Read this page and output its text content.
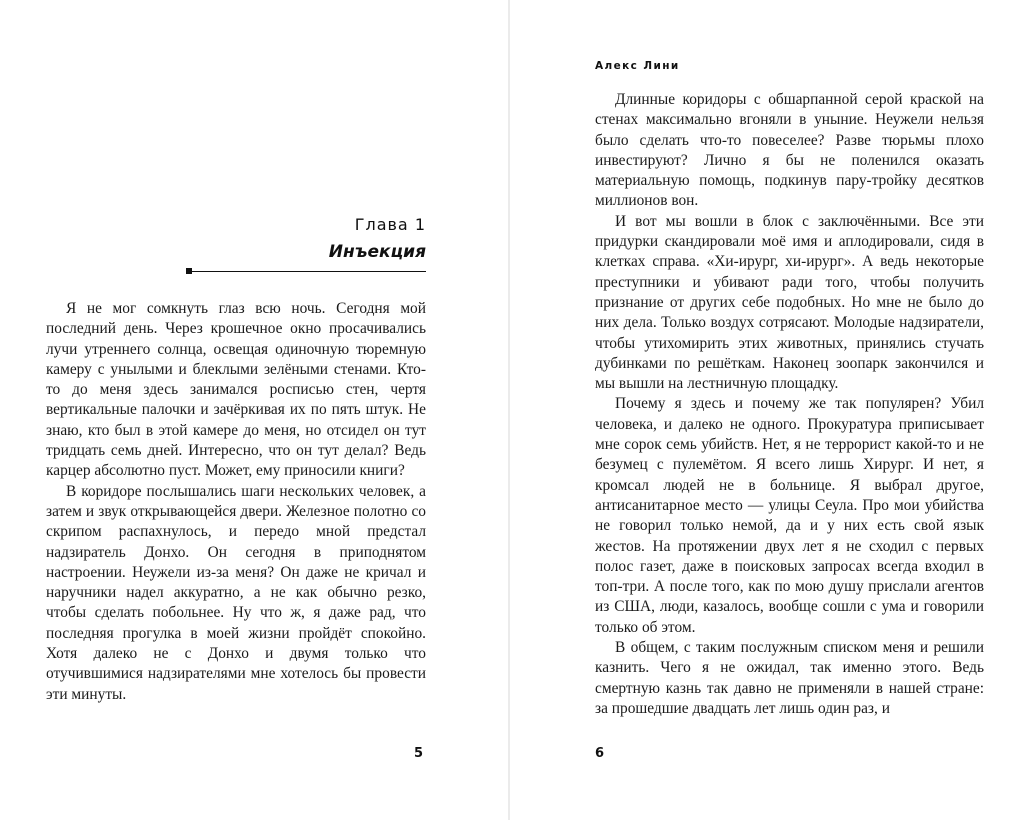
Глава 1
Инъекция

Я не мог сомкнуть глаз всю ночь. Сегодня мой последний день. Через крошечное окно просачивались лучи утреннего солнца, освещая одиночную тюремную камеру с унылыми и блеклыми зелёными стенами. Кто-то до меня здесь занимался росписью стен, чертя вертикальные палочки и зачёркивая их по пять штук. Не знаю, кто был в этой камере до меня, но отсидел он тут тридцать семь дней. Интересно, что он тут делал? Ведь карцер абсолютно пуст. Может, ему приносили книги?

В коридоре послышались шаги нескольких человек, а затем и звук открывающейся двери. Железное полотно со скрипом распахнулось, и передо мной предстал надзиратель Донхо. Он сегодня в приподнятом настроении. Неужели из-за меня? Он даже не кричал и наручники надел аккуратно, а не как обычно резко, чтобы сделать побольнее. Ну что ж, я даже рад, что последняя прогулка в моей жизни пройдёт спокойно. Хотя далеко не с Донхо и двумя только что отучившимися надзирателями мне хотелось бы провести эти минуты.

5
Алекс Лини

Длинные коридоры с обшарпанной серой краской на стенах максимально вгоняли в уныние. Неужели нельзя было сделать что-то повеселее? Разве тюрьмы плохо инвестируют? Лично я бы не поленился оказать материальную помощь, подкинув пару-тройку десятков миллионов вон.

И вот мы вошли в блок с заключёнными. Все эти придурки скандировали моё имя и аплодировали, сидя в клетках справа. «Хи-ирург, хи-ирург». А ведь некоторые преступники и убивают ради того, чтобы получить признание от других себе подобных. Но мне не было до них дела. Только воздух сотрясают. Молодые надзиратели, чтобы утихомирить этих животных, принялись стучать дубинками по решёткам. Наконец зоопарк закончился и мы вышли на лестничную площадку.

Почему я здесь и почему же так популярен? Убил человека, и далеко не одного. Прокуратура приписывает мне сорок семь убийств. Нет, я не террорист какой-то и не безумец с пулемётом. Я всего лишь Хирург. И нет, я кромсал людей не в больнице. Я выбрал другое, антисанитарное место — улицы Сеула. Про мои убийства не говорил только немой, да и у них есть свой язык жестов. На протяжении двух лет я не сходил с первых полос газет, даже в поисковых запросах всегда входил в топ-три. А после того, как по мою душу прислали агентов из США, люди, казалось, вообще сошли с ума и говорили только об этом.

В общем, с таким послужным списком меня и решили казнить. Чего я не ожидал, так именно этого. Ведь смертную казнь так давно не применяли в нашей стране: за прошедшие двадцать лет лишь один раз, и

6
